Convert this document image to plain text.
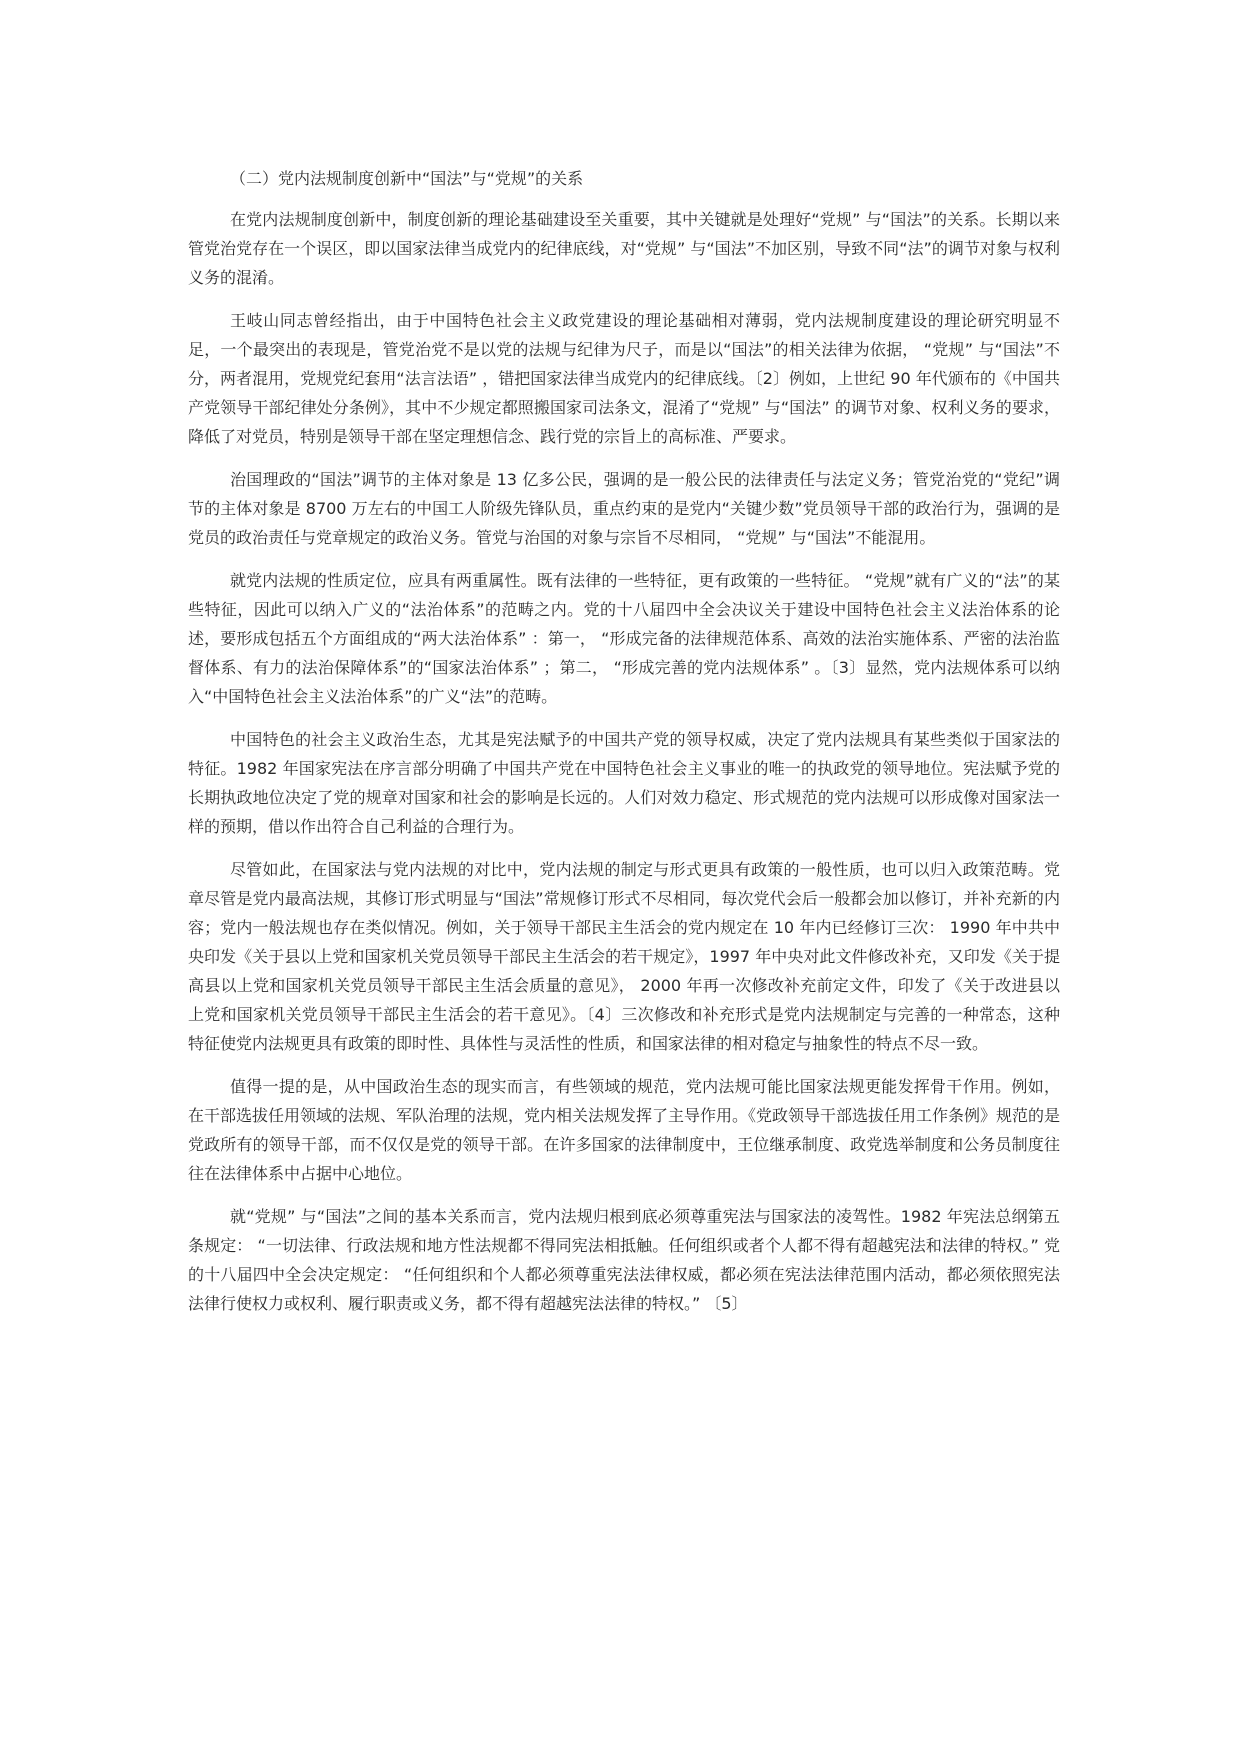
（二）党内法规制度创新中“国法”与“党规”的关系

在党内法规制度创新中，制度创新的理论基础建设至关重要，其中关键就是处理好“党规” 与“国法”的关系。长期以来管党治党存在一个误区，即以国家法律当成党内的纪律底线，对“党规” 与“国法”不加区别，导致不同“法”的调节对象与权利义务的混淆。

王岐山同志曾经指出，由于中国特色社会主义政党建设的理论基础相对薄弱，党内法规制度建设的理论研究明显不足，一个最突出的表现是，管党治党不是以党的法规与纪律为尺子，而是以“国法”的相关法律为依据， “党规” 与“国法”不分，两者混用，党规党纪套用“法言法语” ，错把国家法律当成党内的纪律底线。〔2〕例如，上世纪 90 年代颁布的《中国共产党领导干部纪律处分条例》，其中不少规定都照搬国家司法条文，混淆了“党规” 与“国法” 的调节对象、权利义务的要求，降低了对党员，特别是领导干部在坚定理想信念、践行党的宗旨上的高标准、严要求。

治国理政的“国法”调节的主体对象是 13 亿多公民，强调的是一般公民的法律责任与法定义务；管党治党的“党纪”调节的主体对象是 8700 万左右的中国工人阶级先锋队员，重点约束的是党内“关键少数”党员领导干部的政治行为，强调的是党员的政治责任与党章规定的政治义务。管党与治国的对象与宗旨不尽相同， “党规” 与“国法”不能混用。

就党内法规的性质定位，应具有两重属性。既有法律的一些特征，更有政策的一些特征。 “党规”就有广义的“法”的某些特征，因此可以纳入广义的“法治体系”的范畴之内。党的十八届四中全会决议关于建设中国特色社会主义法治体系的论述，要形成包括五个方面组成的“两大法治体系” ：第一， “形成完备的法律规范体系、高效的法治实施体系、严密的法治监督体系、有力的法治保障体系”的“国家法治体系” ；第二， “形成完善的党内法规体系” 。〔3〕显然，党内法规体系可以纳入“中国特色社会主义法治体系”的广义“法”的范畴。

中国特色的社会主义政治生态，尤其是宪法赋予的中国共产党的领导权威，决定了党内法规具有某些类似于国家法的特征。1982 年国家宪法在序言部分明确了中国共产党在中国特色社会主义事业的唯一的执政党的领导地位。宪法赋予党的长期执政地位决定了党的规章对国家和社会的影响是长远的。人们对效力稳定、形式规范的党内法规可以形成像对国家法一样的预期，借以作出符合自己利益的合理行为。

尽管如此，在国家法与党内法规的对比中，党内法规的制定与形式更具有政策的一般性质，也可以归入政策范畴。党章尽管是党内最高法规，其修订形式明显与“国法”常规修订形式不尽相同，每次党代会后一般都会加以修订，并补充新的内容；党内一般法规也存在类似情况。例如，关于领导干部民主生活会的党内规定在 10 年内已经修订三次： 1990 年中共中央印发《关于县以上党和国家机关党员领导干部民主生活会的若干规定》，1997 年中央对此文件修改补充，又印发《关于提高县以上党和国家机关党员领导干部民主生活会质量的意见》， 2000 年再一次修改补充前定文件，印发了《关于改进县以上党和国家机关党员领导干部民主生活会的若干意见》。〔4〕三次修改和补充形式是党内法规制定与完善的一种常态，这种特征使党内法规更具有政策的即时性、具体性与灵活性的性质，和国家法律的相对稳定与抽象性的特点不尽一致。

值得一提的是，从中国政治生态的现实而言，有些领域的规范，党内法规可能比国家法规更能发挥骨干作用。例如，在干部选拔任用领域的法规、军队治理的法规，党内相关法规发挥了主导作用。《党政领导干部选拔任用工作条例》规范的是党政所有的领导干部，而不仅仅是党的领导干部。在许多国家的法律制度中，王位继承制度、政党选举制度和公务员制度往往在法律体系中占据中心地位。

就“党规” 与“国法”之间的基本关系而言，党内法规归根到底必须尊重宪法与国家法的凌驾性。1982 年宪法总纲第五条规定： “一切法律、行政法规和地方性法规都不得同宪法相抵触。任何组织或者个人都不得有超越宪法和法律的特权。” 党的十八届四中全会决定规定： “任何组织和个人都必须尊重宪法法律权威，都必须在宪法法律范围内活动，都必须依照宪法法律行使权力或权利、履行职责或义务，都不得有超越宪法法律的特权。” 〔5〕
